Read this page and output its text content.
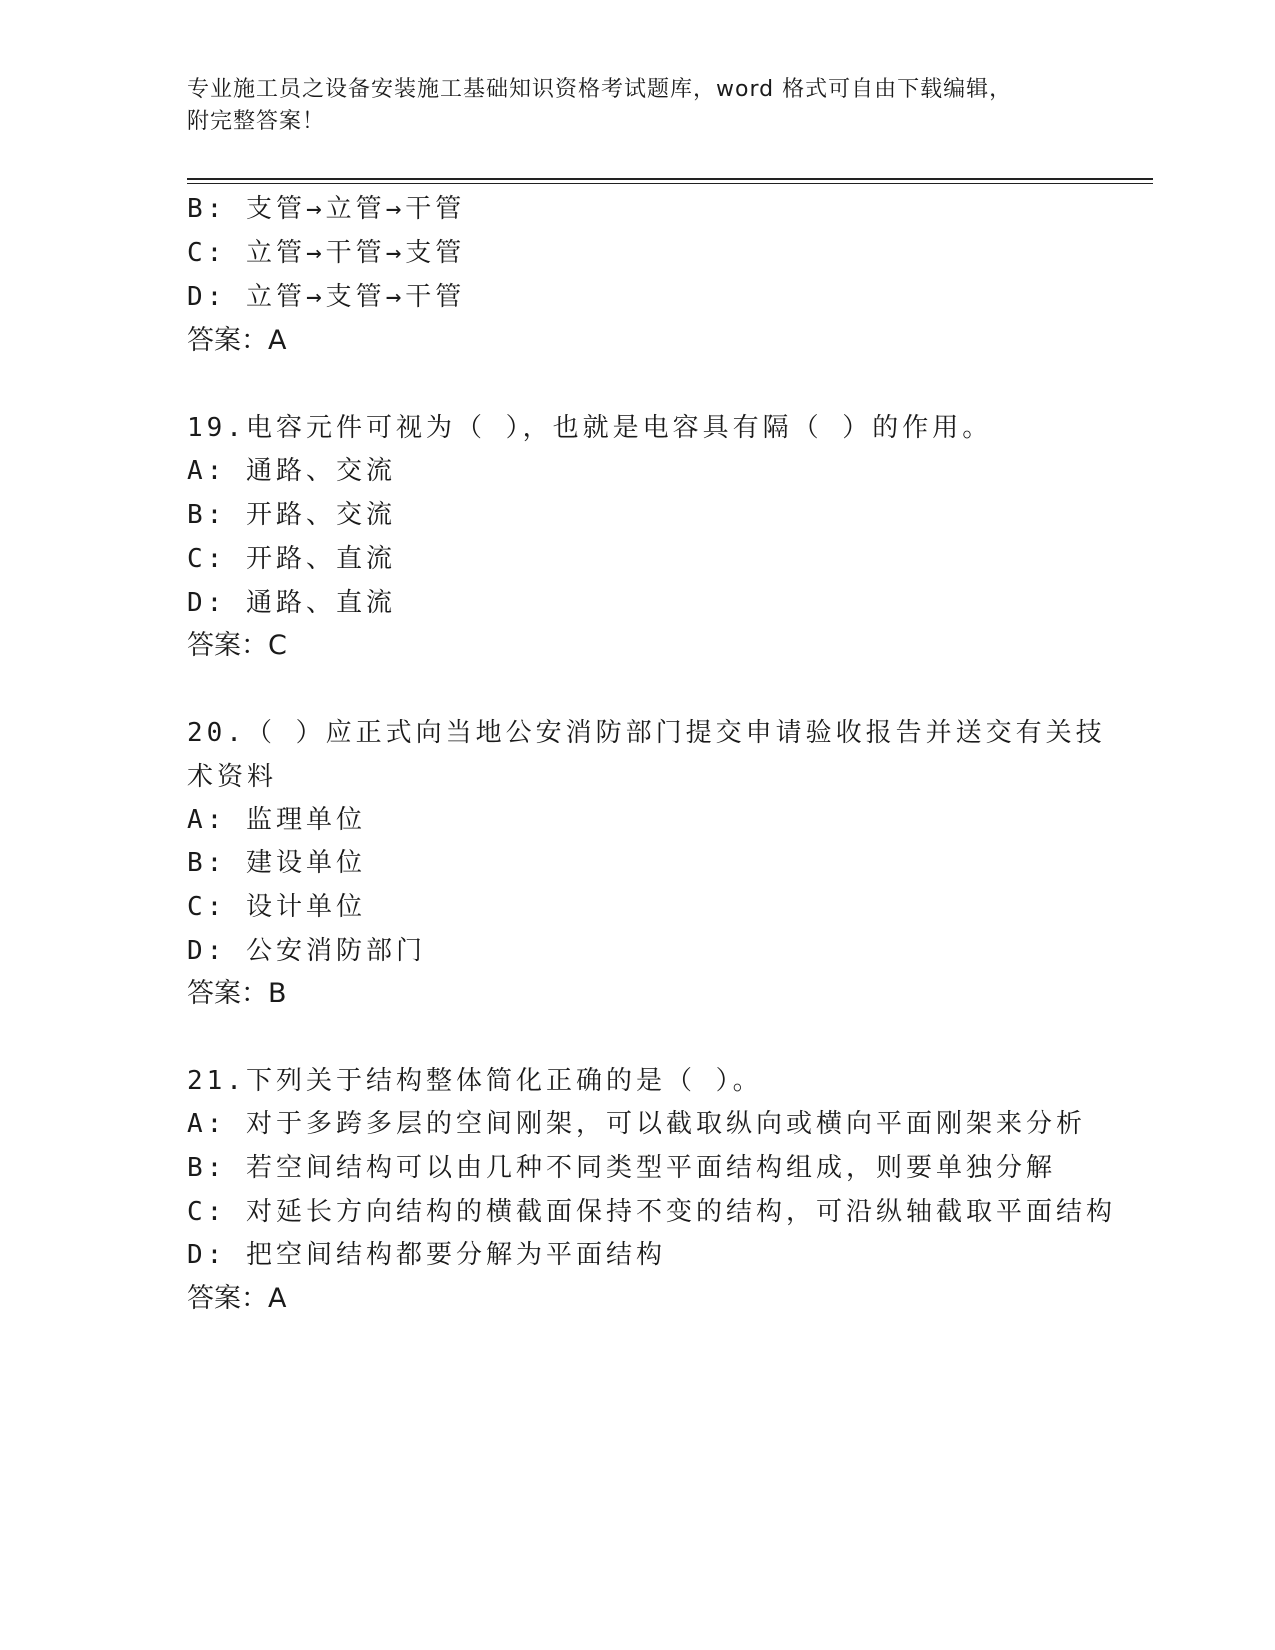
专业施工员之设备安装施工基础知识资格考试题库，word 格式可自由下载编辑，
附完整答案！
B: 支管→立管→干管
C: 立管→干管→支管
D: 立管→支管→干管
答案：A
19.电容元件可视为（ ），也就是电容具有隔（ ）的作用。
A: 通路、交流
B: 开路、交流
C: 开路、直流
D: 通路、直流
答案：C
20.（ ）应正式向当地公安消防部门提交申请验收报告并送交有关技
术资料
A: 监理单位
B: 建设单位
C: 设计单位
D: 公安消防部门
答案：B
21.下列关于结构整体简化正确的是（ ）。
A: 对于多跨多层的空间刚架，可以截取纵向或横向平面刚架来分析
B: 若空间结构可以由几种不同类型平面结构组成，则要单独分解
C: 对延长方向结构的横截面保持不变的结构，可沿纵轴截取平面结构
D: 把空间结构都要分解为平面结构
答案：A
